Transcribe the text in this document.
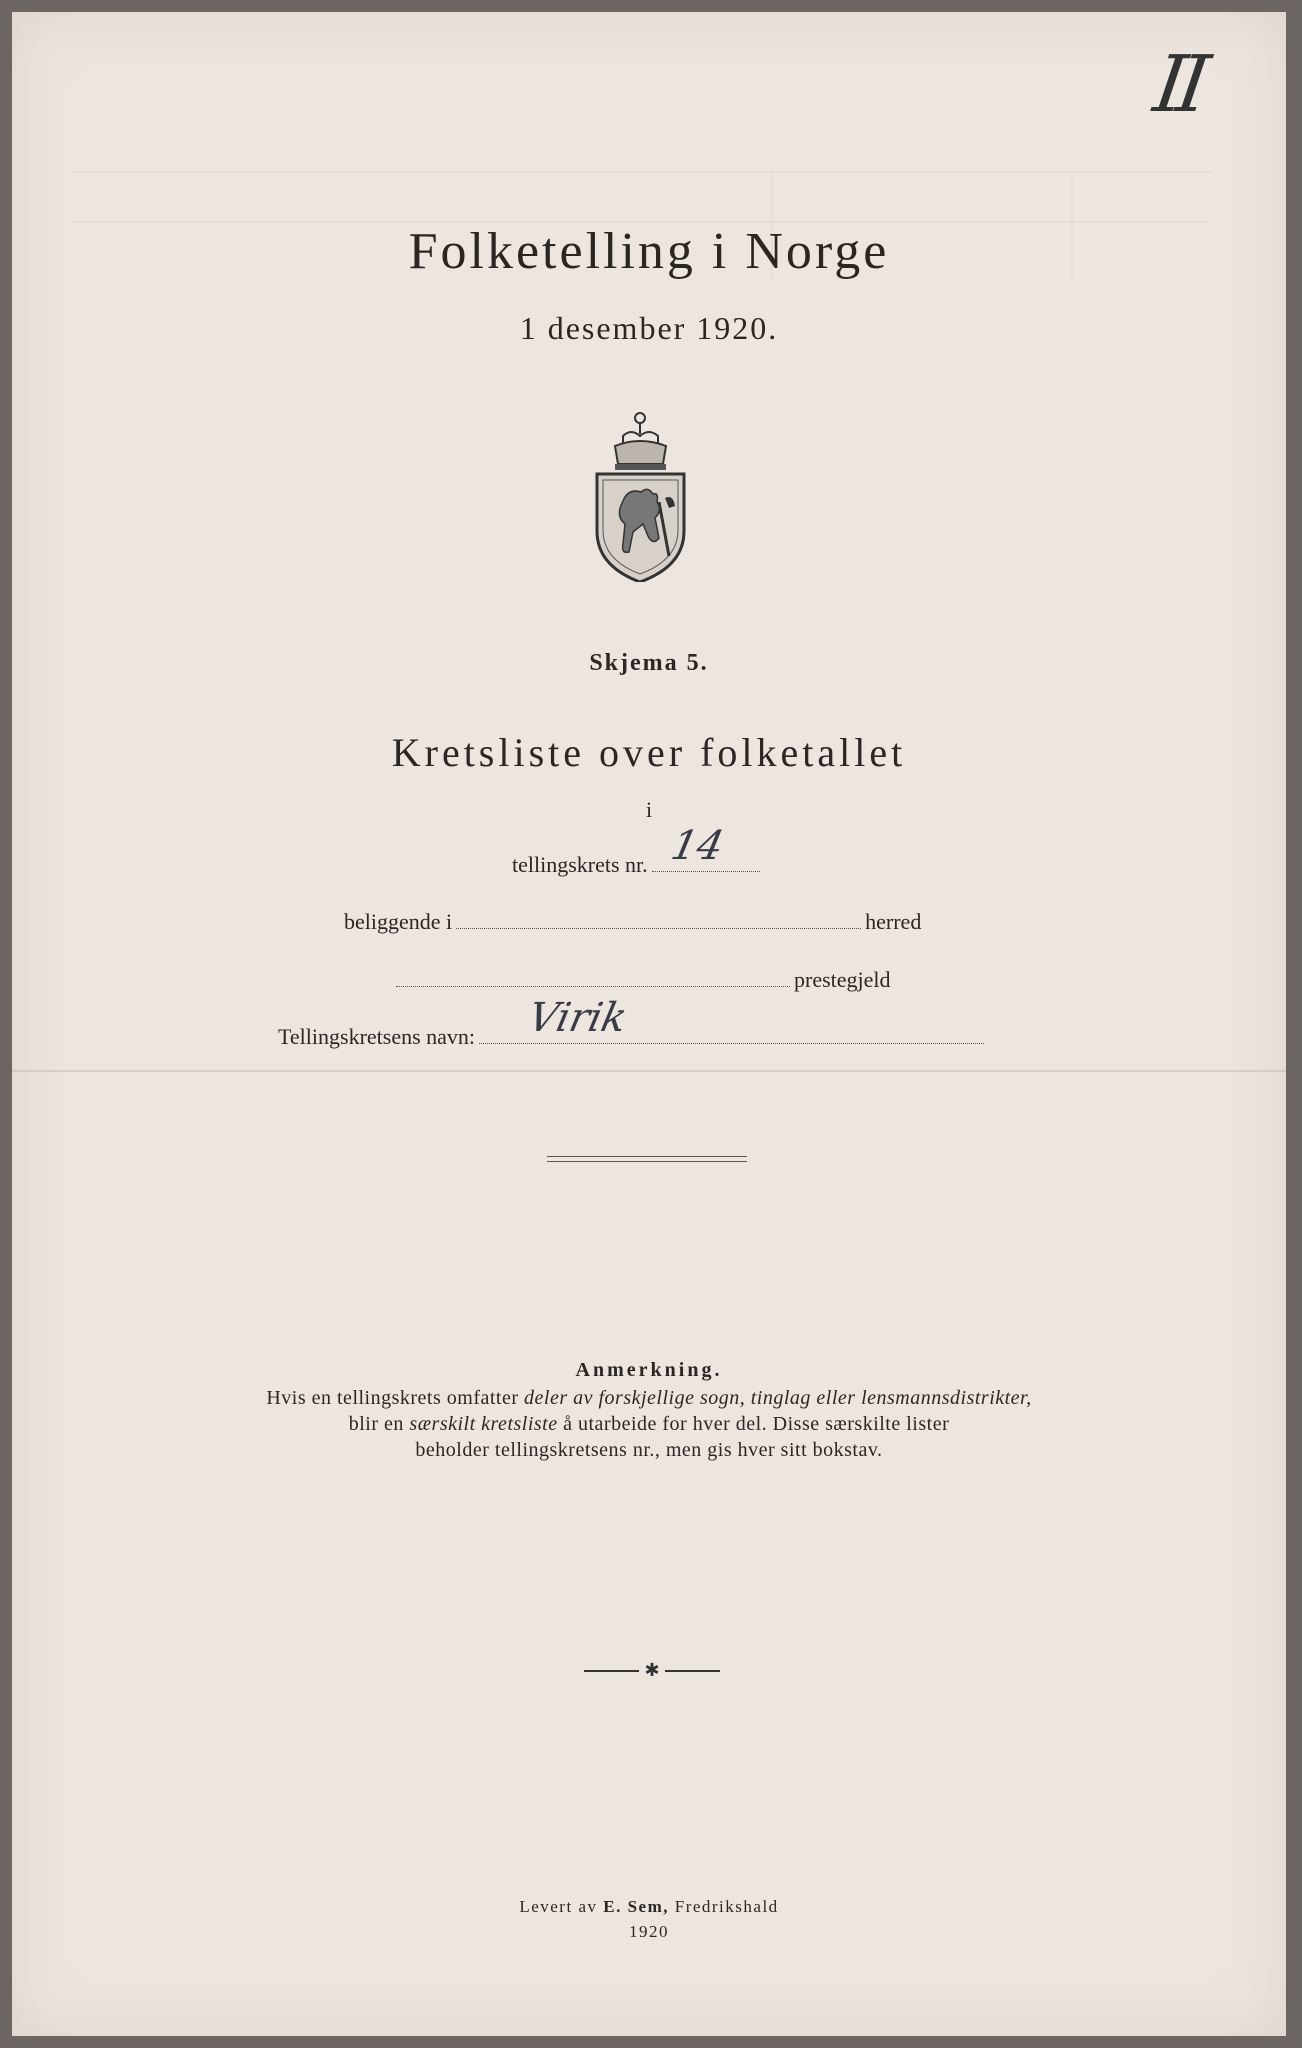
II
Folketelling i Norge
1 desember 1920.
Skjema 5.
Kretsliste over folketallet
i
tellingskrets nr. 14
beliggende i	herred
prestegjeld
Tellingskretsens navn: Virik
Anmerkning.
Hvis en tellingskrets omfatter deler av forskjellige sogn, tinglag eller lensmannsdistrikter,
blir en særskilt kretsliste å utarbeide for hver del. Disse særskilte lister
beholder tellingskretsens nr., men gis hver sitt bokstav.
✱
Levert av E. Sem, Fredrikshald
1920
